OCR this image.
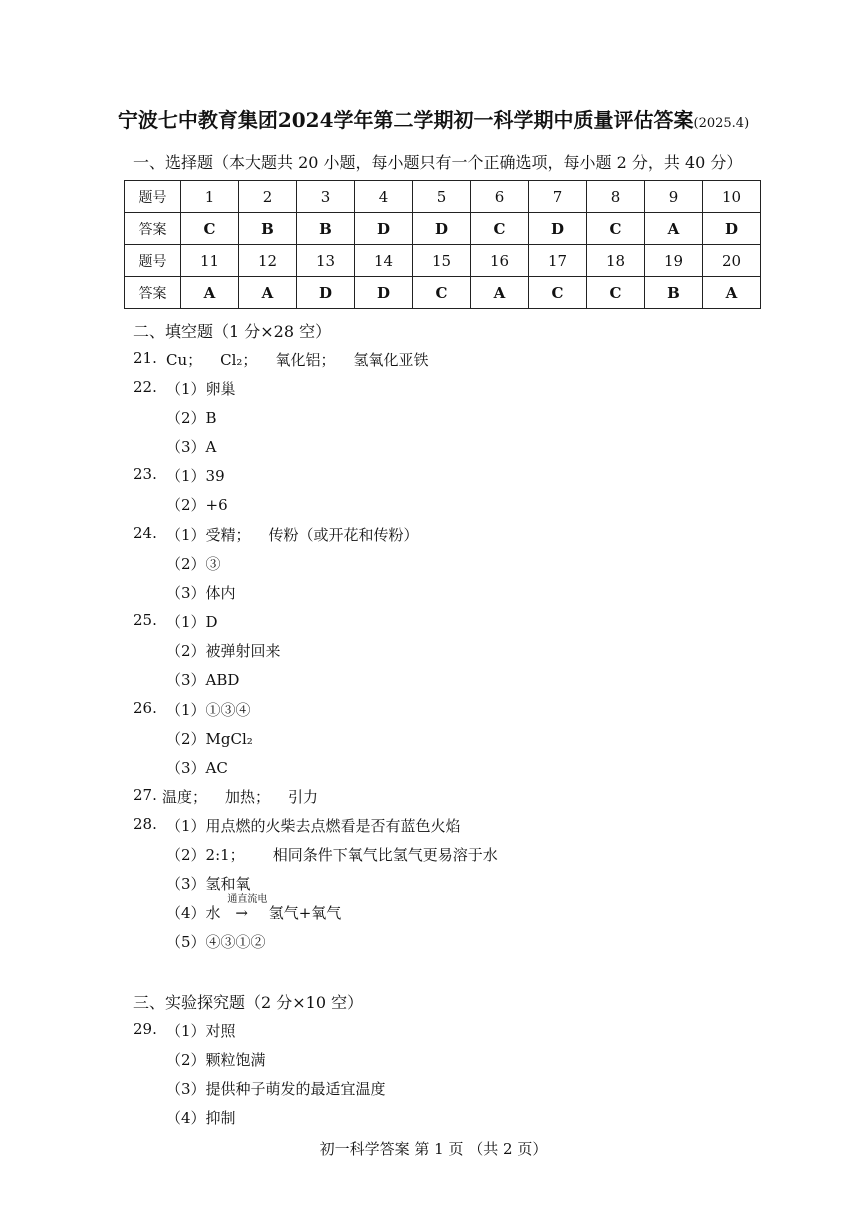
宁波七中教育集团2024学年第二学期初一科学期中质量评估答案(2025.4)
一、选择题（本大题共 20 小题，每小题只有一个正确选项，每小题 2 分，共 40 分）
题号	1	2	3	4	5	6	7	8	9	10
答案	C	B	B	D	D	C	D	C	A	D
题号	11	12	13	14	15	16	17	18	19	20
答案	A	A	D	D	C	A	C	C	B	A
二、填空题（1 分×28 空）
21. Cu； Cl₂； 氧化铝； 氢氧化亚铁
22. （1）卵巢
（2）B
（3）A
23. （1）39
（2）+6
24. （1）受精； 传粉（或开花和传粉）
（2）③
（3）体内
25. （1）D
（2）被弹射回来
（3）ABD
26. （1）①③④
（2）MgCl₂
（3）AC
27. 温度； 加热； 引力
28. （1）用点燃的火柴去点燃看是否有蓝色火焰
（2）2:1； 相同条件下氧气比氢气更易溶于水
（3）氢和氧
（4）水
通直流电
→ 氢气+氧气
（5）④③①②
三、实验探究题（2 分×10 空）
29. （1）对照
（2）颗粒饱满
（3）提供种子萌发的最适宜温度
（4）抑制
初一科学答案 第 1 页 （共 2 页）
